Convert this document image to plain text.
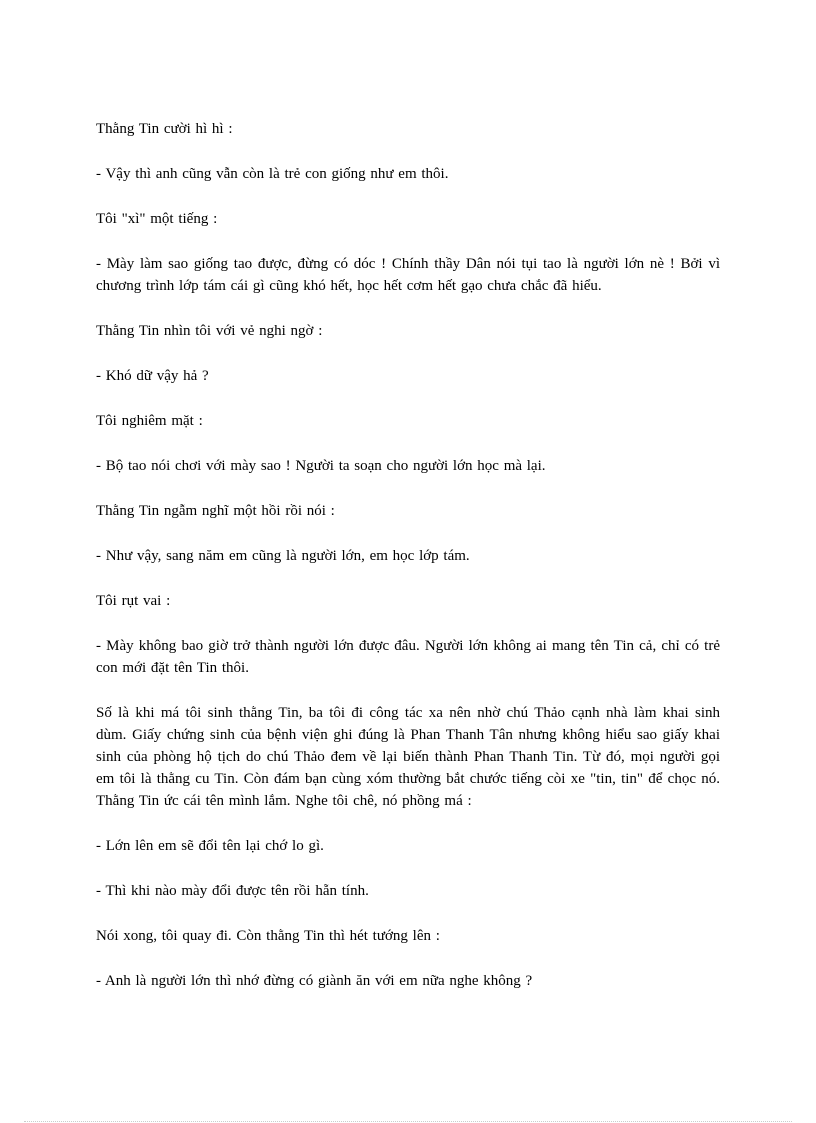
Thằng Tin cười hì hì :

- Vậy thì anh cũng vẫn còn là trẻ con giống như em thôi.

Tôi "xì" một tiếng :

- Mày làm sao giống tao được, đừng có dóc ! Chính thầy Dân nói tụi tao là người lớn nè ! Bởi vì chương trình lớp tám cái gì cũng khó hết, học hết cơm hết gạo chưa chắc đã hiểu.

Thằng Tin nhìn tôi với vẻ nghi ngờ :

- Khó dữ vậy hả ?

Tôi nghiêm mặt :

- Bộ tao nói chơi với mày sao ! Người ta soạn cho người lớn học mà lại.

Thằng Tin ngẫm nghĩ một hồi rồi nói :

- Như vậy, sang năm em cũng là người lớn, em học lớp tám.

Tôi rụt vai :

- Mày không bao giờ trở thành người lớn được đâu. Người lớn không ai mang tên Tin cả, chỉ có trẻ con mới đặt tên Tin thôi.

Số là khi má tôi sinh thằng Tin, ba tôi đi công tác xa nên nhờ chú Thảo cạnh nhà làm khai sinh dùm. Giấy chứng sinh của bệnh viện ghi đúng là Phan Thanh Tân nhưng không hiểu sao giấy khai sinh của phòng hộ tịch do chú Thảo đem về lại biến thành Phan Thanh Tin. Từ đó, mọi người gọi em tôi là thằng cu Tin. Còn đám bạn cùng xóm thường bắt chước tiếng còi xe "tin, tin" để chọc nó. Thằng Tin ức cái tên mình lắm. Nghe tôi chê, nó phồng má :

- Lớn lên em sẽ đổi tên lại chớ lo gì.

- Thì khi nào mày đổi được tên rồi hẵn tính.

Nói xong, tôi quay đi. Còn thằng Tin thì hét tướng lên :

- Anh là người lớn thì nhớ đừng có giành ăn với em nữa nghe không ?
